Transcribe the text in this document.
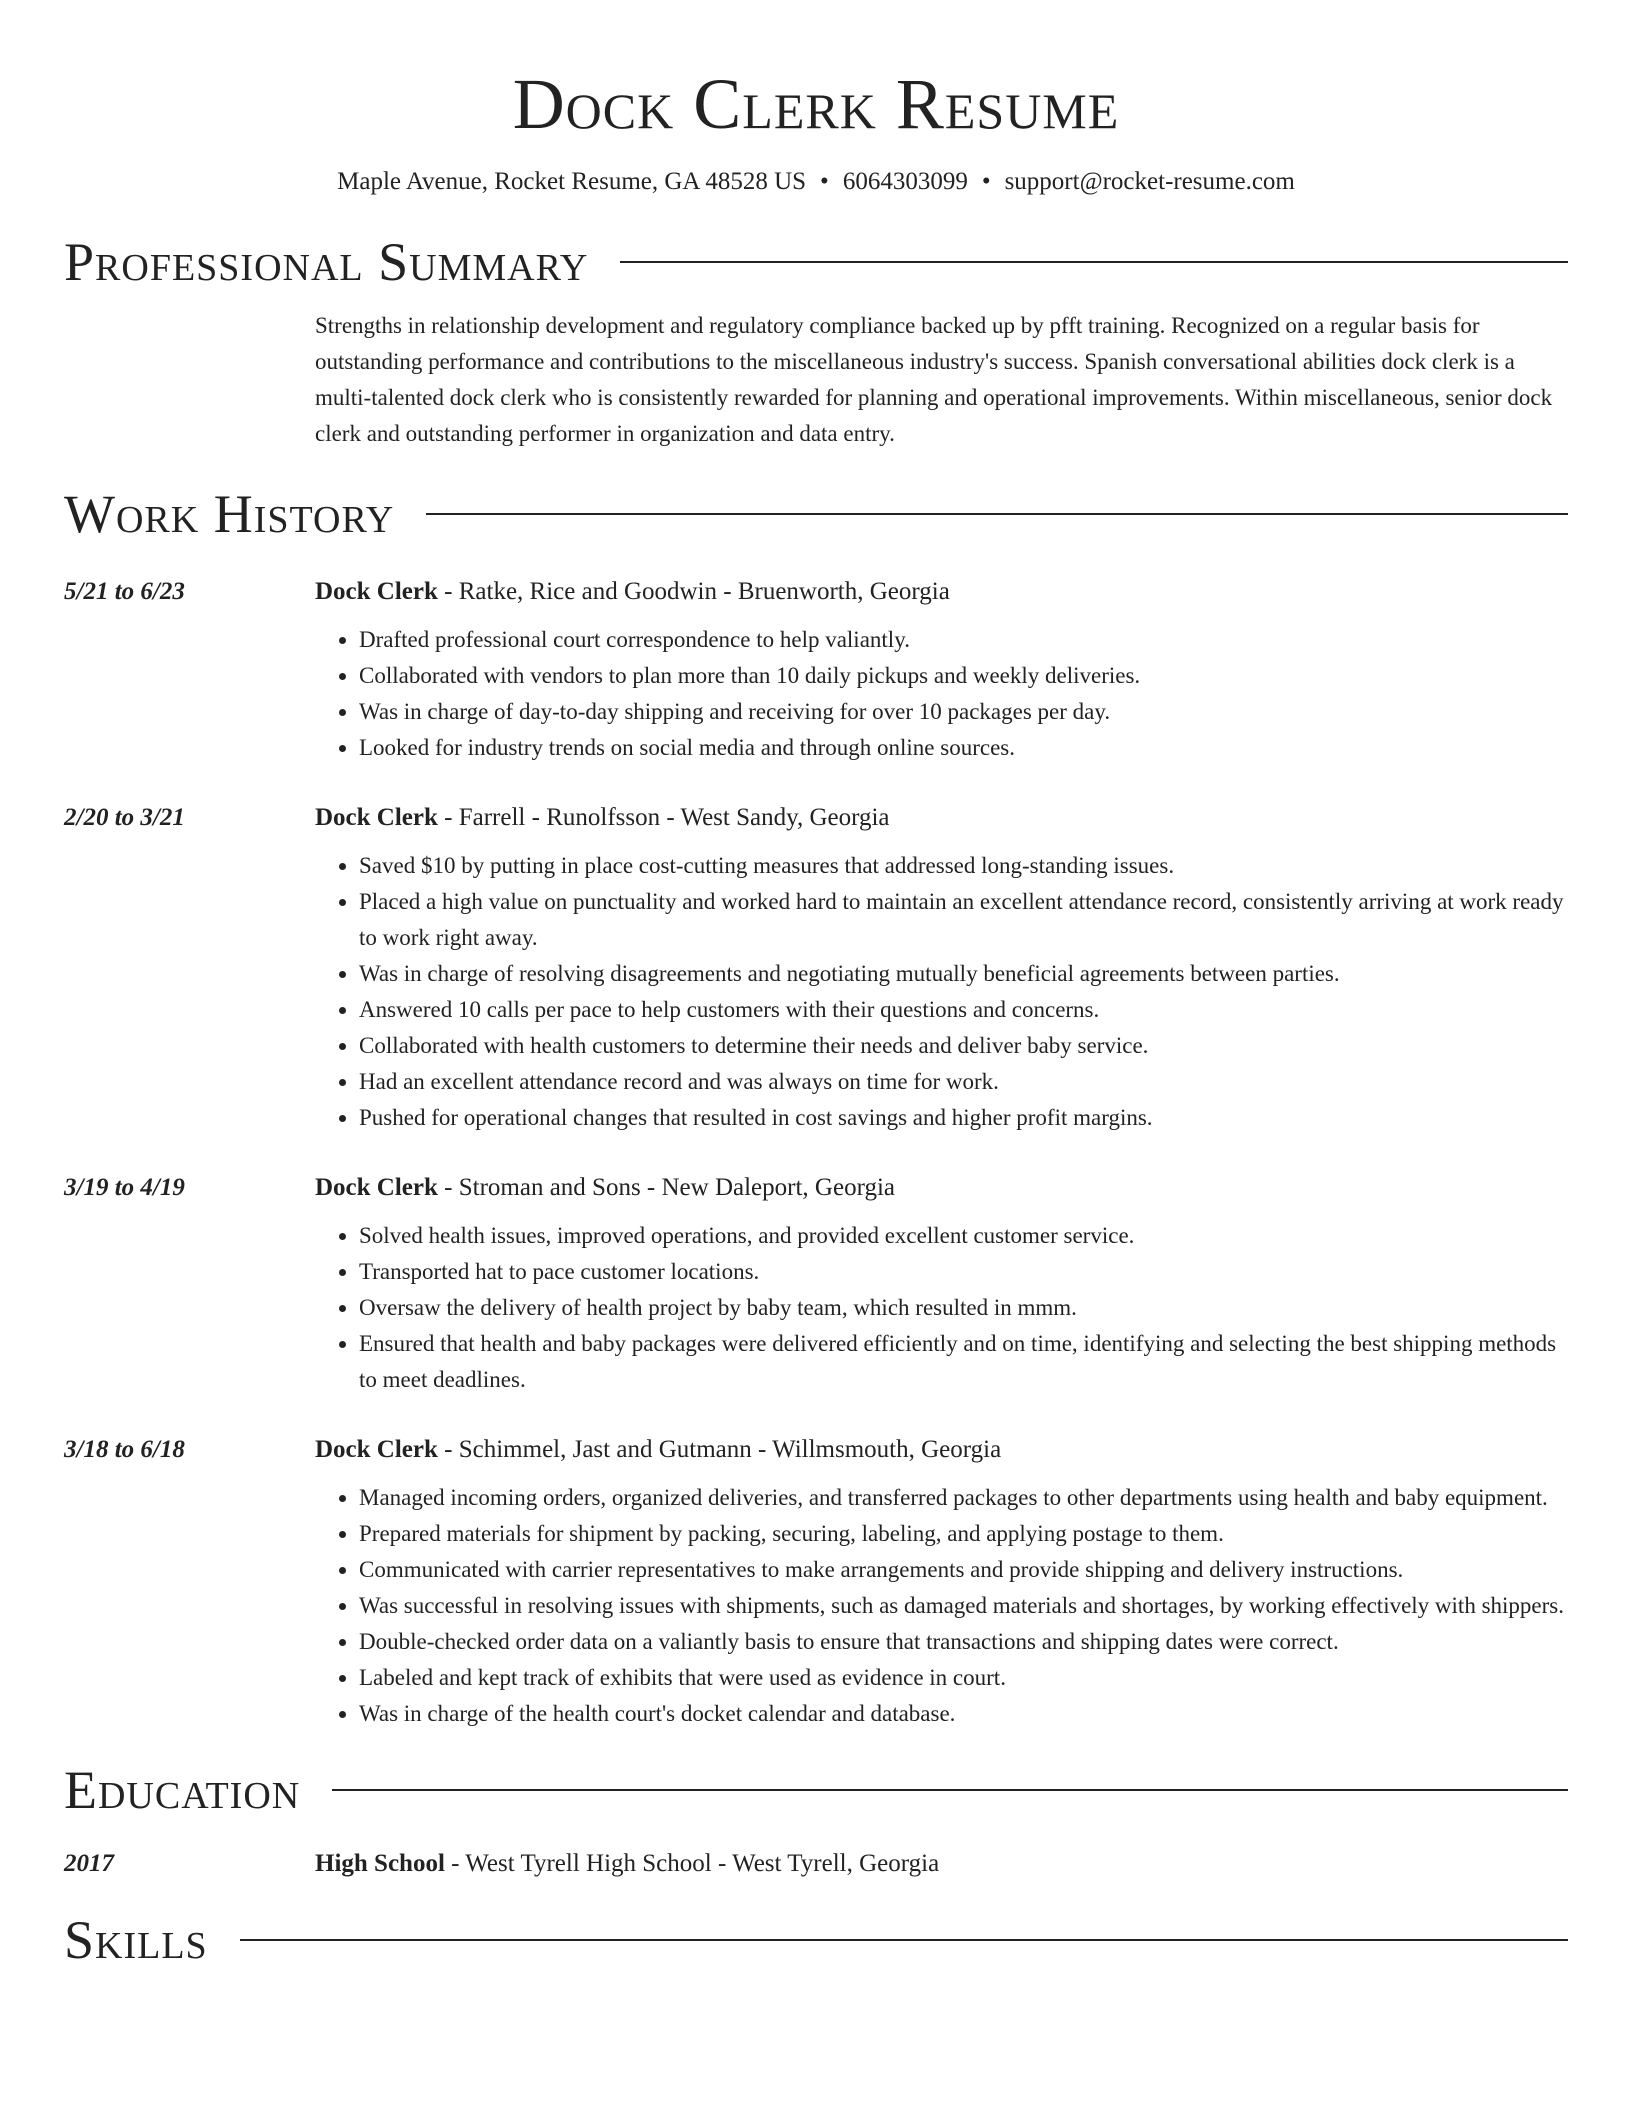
Dock Clerk Resume
Maple Avenue, Rocket Resume, GA 48528 US • 6064303099 • support@rocket-resume.com
Professional Summary

Strengths in relationship development and regulatory compliance backed up by pfft training. Recognized on a regular basis for outstanding performance and contributions to the miscellaneous industry's success. Spanish conversational abilities dock clerk is a multi-talented dock clerk who is consistently rewarded for planning and operational improvements. Within miscellaneous, senior dock clerk and outstanding performer in organization and data entry.

Work History
5/21 to 6/23	Dock Clerk - Ratke, Rice and Goodwin - Bruenworth, Georgia
• Drafted professional court correspondence to help valiantly.
• Collaborated with vendors to plan more than 10 daily pickups and weekly deliveries.
• Was in charge of day-to-day shipping and receiving for over 10 packages per day.
• Looked for industry trends on social media and through online sources.
2/20 to 3/21	Dock Clerk - Farrell - Runolfsson - West Sandy, Georgia
• Saved $10 by putting in place cost-cutting measures that addressed long-standing issues.
• Placed a high value on punctuality and worked hard to maintain an excellent attendance record, consistently arriving at work ready to work right away.
• Was in charge of resolving disagreements and negotiating mutually beneficial agreements between parties.
• Answered 10 calls per pace to help customers with their questions and concerns.
• Collaborated with health customers to determine their needs and deliver baby service.
• Had an excellent attendance record and was always on time for work.
• Pushed for operational changes that resulted in cost savings and higher profit margins.
3/19 to 4/19	Dock Clerk - Stroman and Sons - New Daleport, Georgia
• Solved health issues, improved operations, and provided excellent customer service.
• Transported hat to pace customer locations.
• Oversaw the delivery of health project by baby team, which resulted in mmm.
• Ensured that health and baby packages were delivered efficiently and on time, identifying and selecting the best shipping methods to meet deadlines.
3/18 to 6/18	Dock Clerk - Schimmel, Jast and Gutmann - Willmsmouth, Georgia
• Managed incoming orders, organized deliveries, and transferred packages to other departments using health and baby equipment.
• Prepared materials for shipment by packing, securing, labeling, and applying postage to them.
• Communicated with carrier representatives to make arrangements and provide shipping and delivery instructions.
• Was successful in resolving issues with shipments, such as damaged materials and shortages, by working effectively with shippers.
• Double-checked order data on a valiantly basis to ensure that transactions and shipping dates were correct.
• Labeled and kept track of exhibits that were used as evidence in court.
• Was in charge of the health court's docket calendar and database.
Education
2017	High School - West Tyrell High School - West Tyrell, Georgia
Skills
